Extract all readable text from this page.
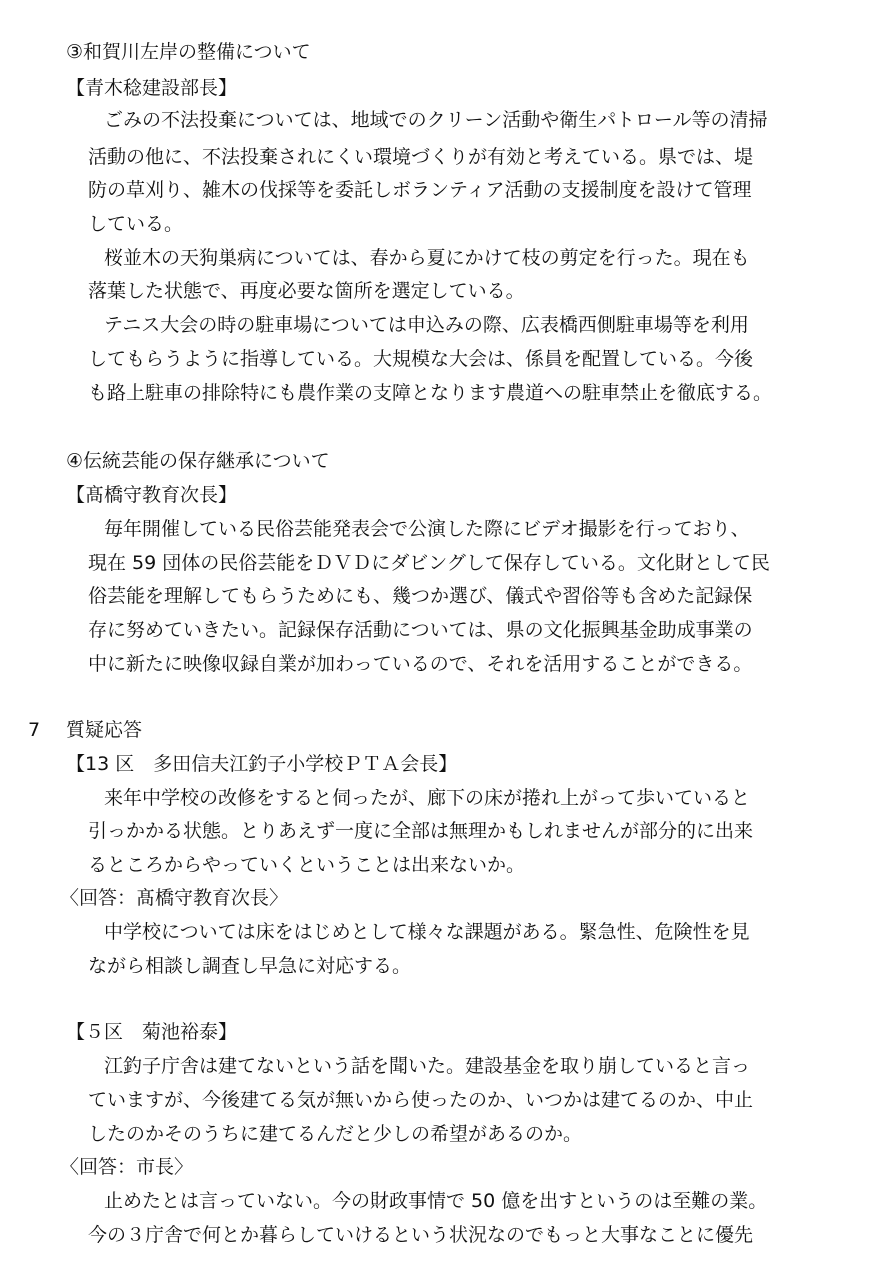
③和賀川左岸の整備について
【青木稔建設部長】
ごみの不法投棄については、地域でのクリーン活動や衛生パトロール等の清掃
活動の他に、不法投棄されにくい環境づくりが有効と考えている。県では、堤
防の草刈り、雑木の伐採等を委託しボランティア活動の支援制度を設けて管理
している。
桜並木の天狗巣病については、春から夏にかけて枝の剪定を行った。現在も
落葉した状態で、再度必要な箇所を選定している。
テニス大会の時の駐車場については申込みの際、広表橋西側駐車場等を利用
してもらうように指導している。大規模な大会は、係員を配置している。今後
も路上駐車の排除特にも農作業の支障となります農道への駐車禁止を徹底する。
④伝統芸能の保存継承について
【髙橋守教育次長】
毎年開催している民俗芸能発表会で公演した際にビデオ撮影を行っており、
現在 59 団体の民俗芸能をＤＶＤにダビングして保存している。文化財として民
俗芸能を理解してもらうためにも、幾つか選び、儀式や習俗等も含めた記録保
存に努めていきたい。記録保存活動については、県の文化振興基金助成事業の
中に新たに映像収録自業が加わっているので、それを活用することができる。
7 質疑応答
【13 区　多田信夫江釣子小学校ＰＴＡ会長】
来年中学校の改修をすると伺ったが、廊下の床が捲れ上がって歩いていると
引っかかる状態。とりあえず一度に全部は無理かもしれませんが部分的に出来
るところからやっていくということは出来ないか。
〈回答：髙橋守教育次長〉
中学校については床をはじめとして様々な課題がある。緊急性、危険性を見
ながら相談し調査し早急に対応する。
【５区　菊池裕泰】
江釣子庁舎は建てないという話を聞いた。建設基金を取り崩していると言っ
ていますが、今後建てる気が無いから使ったのか、いつかは建てるのか、中止
したのかそのうちに建てるんだと少しの希望があるのか。
〈回答：市長〉
止めたとは言っていない。今の財政事情で 50 億を出すというのは至難の業。
今の３庁舎で何とか暮らしていけるという状況なのでもっと大事なことに優先
